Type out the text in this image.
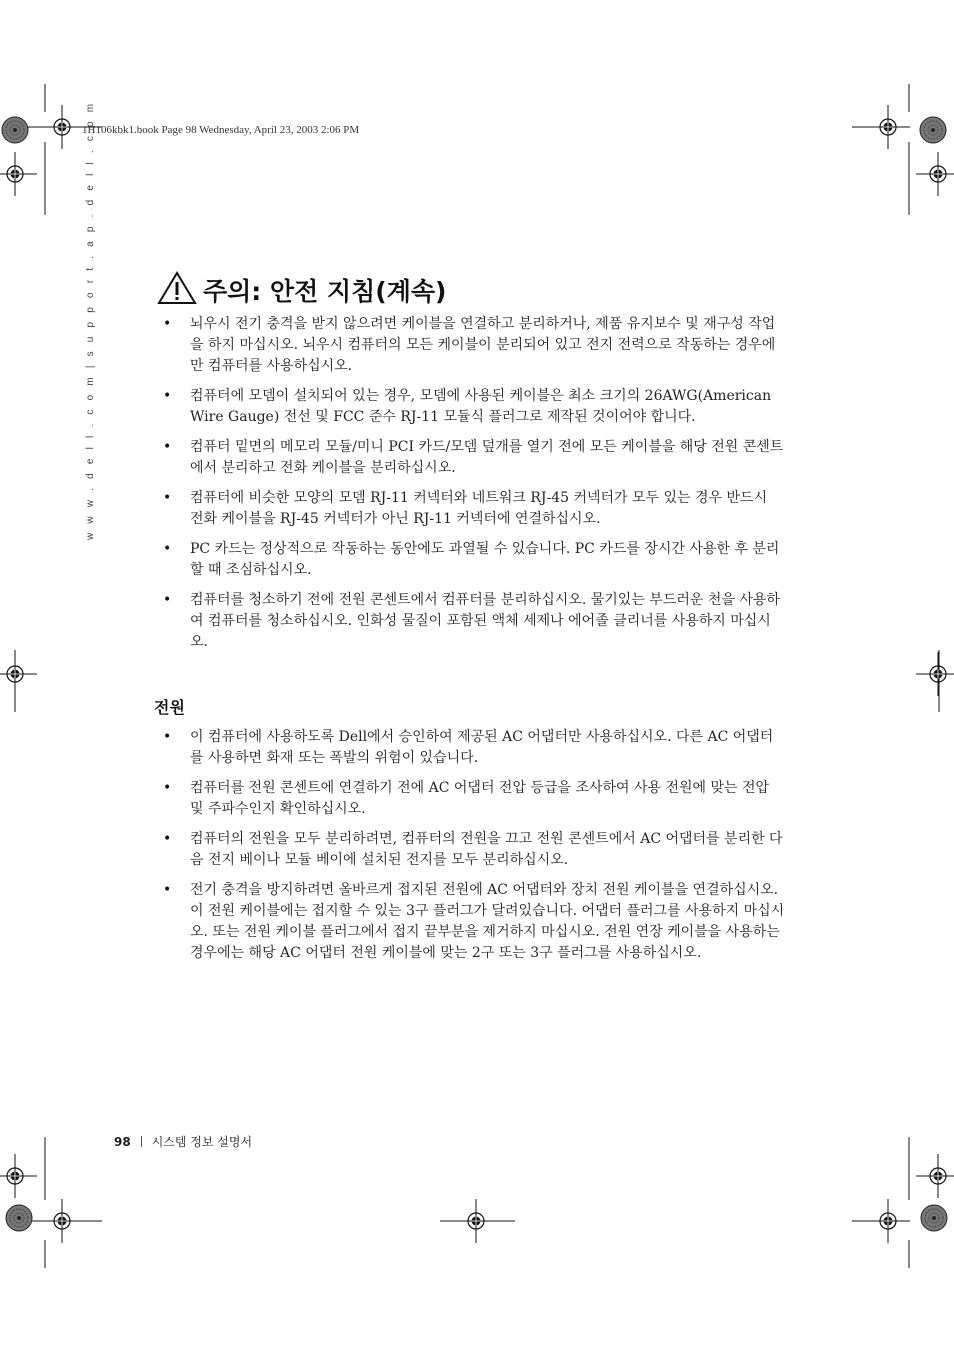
1H106kbk1.book Page 98 Wednesday, April 23, 2003 2:06 PM
w w w . d e l l . c o m | s u p p o r t . a p . d e l l . c o m	주의: 안전 지침(계속)
• 뇌우시 전기 충격을 받지 않으려면 케이블을 연결하고 분리하거나, 제품 유지보수 및 재구성 작업을 하지 마십시오. 뇌우시 컴퓨터의 모든 케이블이 분리되어 있고 전지 전력으로 작동하는 경우에만 컴퓨터를 사용하십시오.
• 컴퓨터에 모뎀이 설치되어 있는 경우, 모뎀에 사용된 케이블은 최소 크기의 26AWG(American Wire Gauge) 전선 및 FCC 준수 RJ-11 모듈식 플러그로 제작된 것이어야 합니다.
• 컴퓨터 밑면의 메모리 모듈/미니 PCI 카드/모뎀 덮개를 열기 전에 모든 케이블을 해당 전원 콘센트에서 분리하고 전화 케이블을 분리하십시오.
• 컴퓨터에 비슷한 모양의 모뎀 RJ-11 커넥터와 네트워크 RJ-45 커넥터가 모두 있는 경우 반드시 전화 케이블을 RJ-45 커넥터가 아닌 RJ-11 커넥터에 연결하십시오.
• PC 카드는 정상적으로 작동하는 동안에도 과열될 수 있습니다. PC 카드를 장시간 사용한 후 분리할 때 조심하십시오.
• 컴퓨터를 청소하기 전에 전원 콘센트에서 컴퓨터를 분리하십시오. 물기있는 부드러운 천을 사용하여 컴퓨터를 청소하십시오. 인화성 물질이 포함된 액체 세제나 에어졸 클리너를 사용하지 마십시오.
전원
• 이 컴퓨터에 사용하도록 Dell에서 승인하여 제공된 AC 어댑터만 사용하십시오. 다른 AC 어댑터를 사용하면 화재 또는 폭발의 위험이 있습니다.
• 컴퓨터를 전원 콘센트에 연결하기 전에 AC 어댑터 전압 등급을 조사하여 사용 전원에 맞는 전압 및 주파수인지 확인하십시오.
• 컴퓨터의 전원을 모두 분리하려면, 컴퓨터의 전원을 끄고 전원 콘센트에서 AC 어댑터를 분리한 다음 전지 베이나 모듈 베이에 설치된 전지를 모두 분리하십시오.
• 전기 충격을 방지하려면 올바르게 접지된 전원에 AC 어댑터와 장치 전원 케이블을 연결하십시오. 이 전원 케이블에는 접지할 수 있는 3구 플러그가 달려있습니다. 어댑터 플러그를 사용하지 마십시오. 또는 전원 케이블 플러그에서 접지 끝부분을 제거하지 마십시오. 전원 연장 케이블을 사용하는 경우에는 해당 AC 어댑터 전원 케이블에 맞는 2구 또는 3구 플러그를 사용하십시오.
98 시스템 정보 설명서
